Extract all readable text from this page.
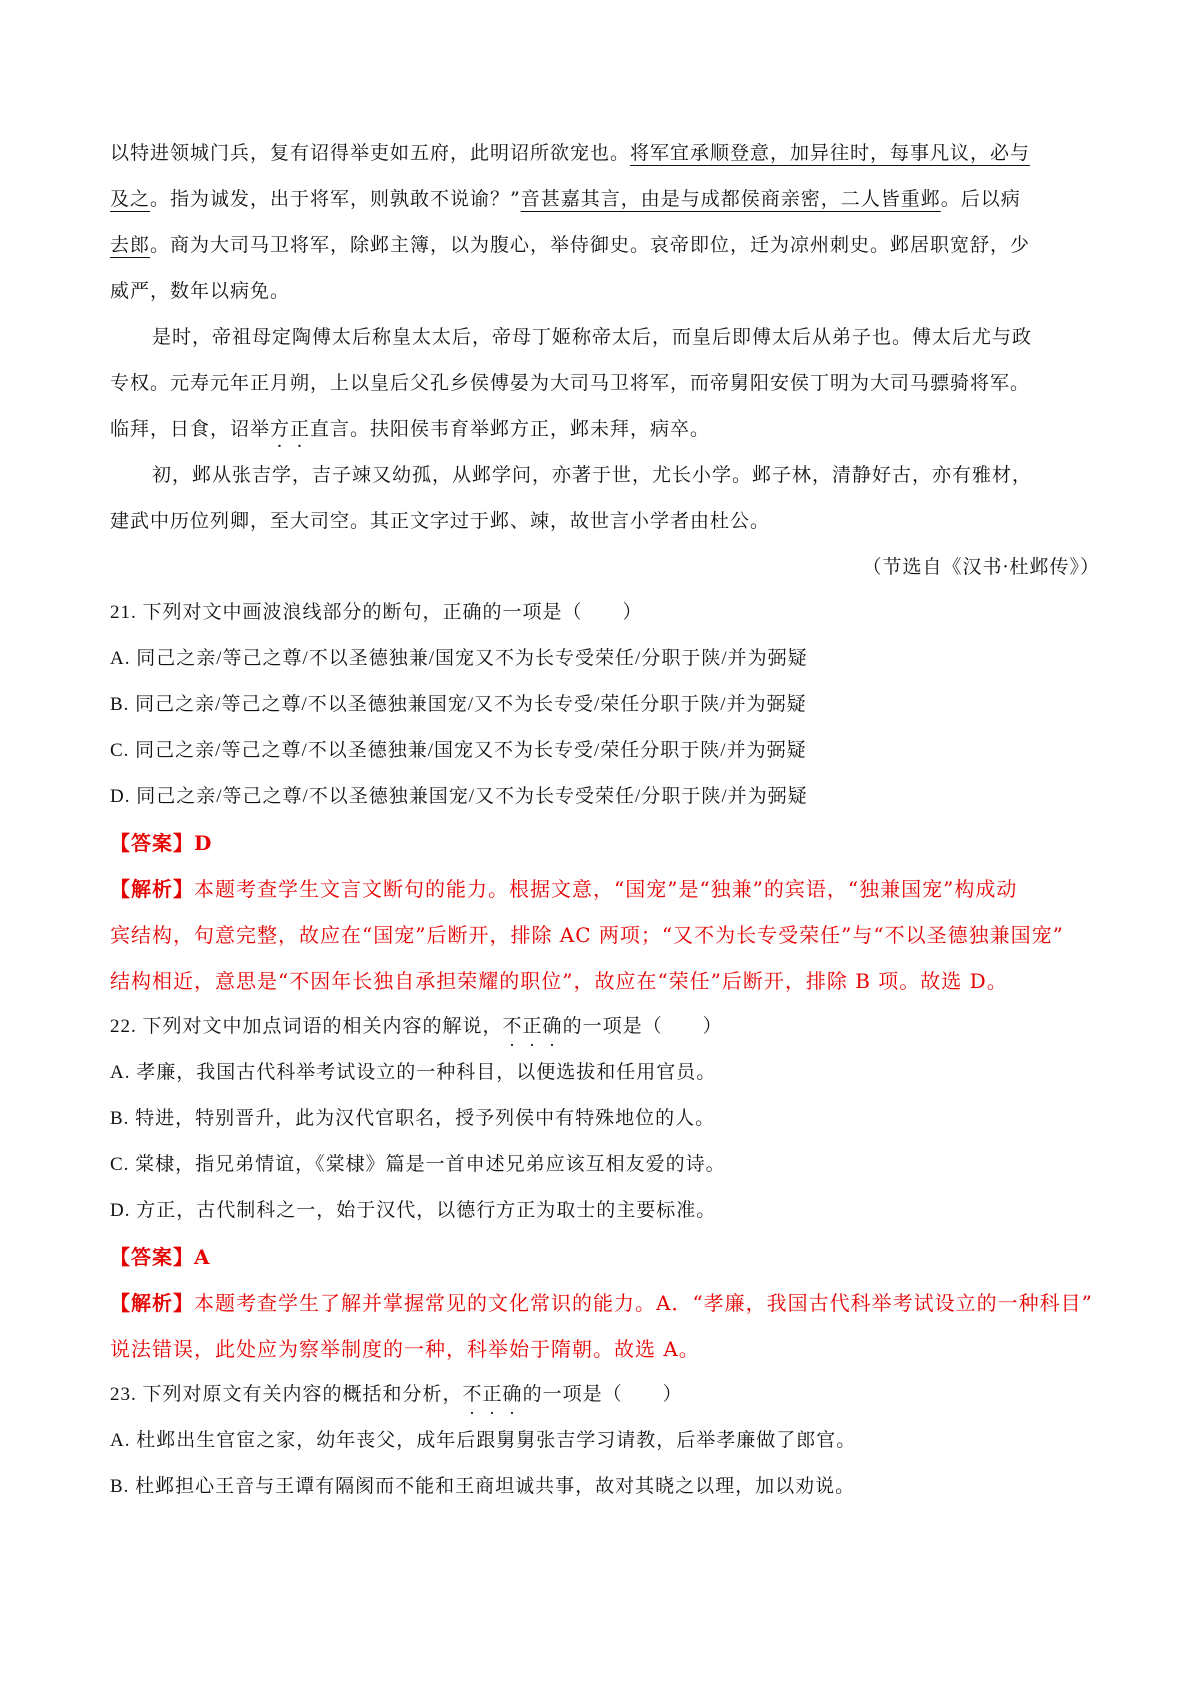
以特进领城门兵，复有诏得举吏如五府，此明诏所欲宠也。将军宜承顺登意，加异往时，每事凡议，必与
及之。指为诚发，出于将军，则孰敢不说谕？”音甚嘉其言，由是与成都侯商亲密，二人皆重邺。后以病
去郎。商为大司马卫将军，除邺主簿，以为腹心，举侍御史。哀帝即位，迁为凉州刺史。邺居职宽舒，少
威严，数年以病免。
是时，帝祖母定陶傅太后称皇太太后，帝母丁姬称帝太后，而皇后即傅太后从弟子也。傅太后尤与政
专权。元寿元年正月朔，上以皇后父孔乡侯傅晏为大司马卫将军，而帝舅阳安侯丁明为大司马骠骑将军。
临拜，日食，诏举方正直言。扶阳侯韦育举邺方正，邺未拜，病卒。
初，邺从张吉学，吉子竦又幼孤，从邺学问，亦著于世，尤长小学。邺子林，清静好古，亦有雅材，
建武中历位列卿，至大司空。其正文字过于邺、竦，故世言小学者由杜公。
（节选自《汉书·杜邺传》）
21. 下列对文中画波浪线部分的断句，正确的一项是（　　）
A. 同己之亲/等己之尊/不以圣德独兼/国宠又不为长专受荣任/分职于陕/并为弼疑
B. 同己之亲/等己之尊/不以圣德独兼国宠/又不为长专受/荣任分职于陕/并为弼疑
C. 同己之亲/等己之尊/不以圣德独兼/国宠又不为长专受/荣任分职于陕/并为弼疑
D. 同己之亲/等己之尊/不以圣德独兼国宠/又不为长专受荣任/分职于陕/并为弼疑
【答案】D
【解析】本题考查学生文言文断句的能力。根据文意，“国宠”是“独兼”的宾语，“独兼国宠”构成动
宾结构，句意完整，故应在“国宠”后断开，排除 AC 两项；“又不为长专受荣任”与“不以圣德独兼国宠”
结构相近，意思是“不因年长独自承担荣耀的职位”，故应在“荣任”后断开，排除 B 项。故选 D。
22. 下列对文中加点词语的相关内容的解说，不正确的一项是（　　）
A. 孝廉，我国古代科举考试设立的一种科目，以便选拔和任用官员。
B. 特进，特别晋升，此为汉代官职名，授予列侯中有特殊地位的人。
C. 棠棣，指兄弟情谊，《棠棣》篇是一首申述兄弟应该互相友爱的诗。
D. 方正，古代制科之一，始于汉代，以德行方正为取士的主要标准。
【答案】A
【解析】本题考查学生了解并掌握常见的文化常识的能力。A．“孝廉，我国古代科举考试设立的一种科目”
说法错误，此处应为察举制度的一种，科举始于隋朝。故选 A。
23. 下列对原文有关内容的概括和分析，不正确的一项是（　　）
A. 杜邺出生官宦之家，幼年丧父，成年后跟舅舅张吉学习请教，后举孝廉做了郎官。
B. 杜邺担心王音与王谭有隔阂而不能和王商坦诚共事，故对其晓之以理，加以劝说。
